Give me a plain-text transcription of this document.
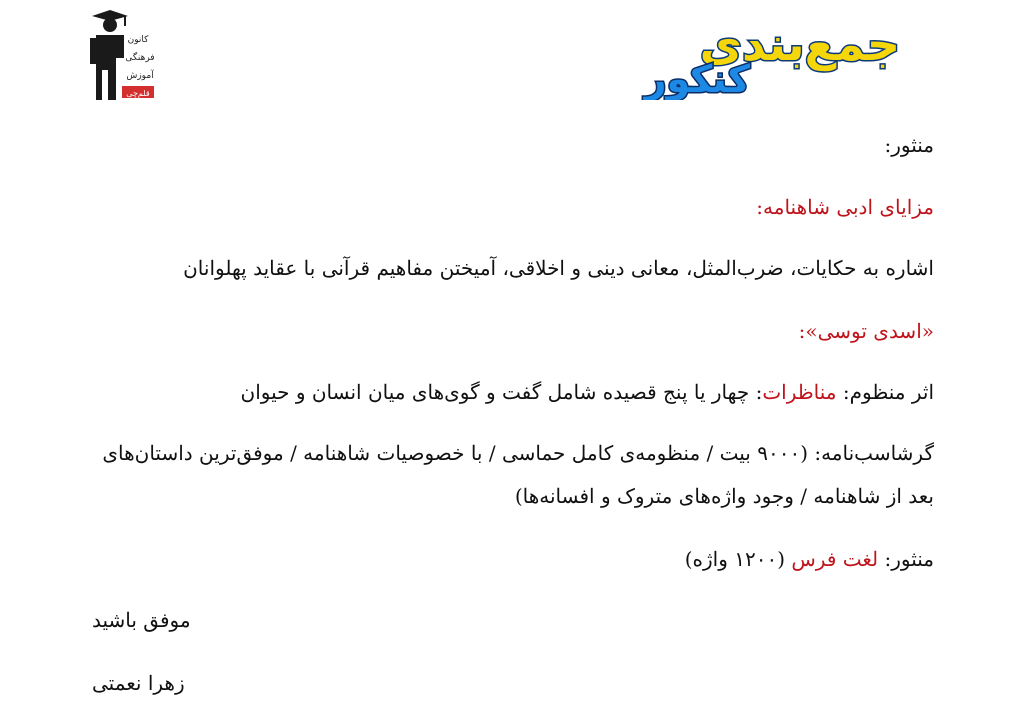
کانون
فرهنگی
آموزش
قلم‌چی
جمع‌بندی
کنکور
منثور:
مزایای ادبی شاهنامه:
اشاره به حکایات، ضرب‌المثل، معانی دینی و اخلاقی، آمیختن مفاهیم قرآنی با عقاید پهلوانان
«اسدی توسی»:
اثر منظوم: مناظرات: چهار یا پنج قصیده شامل گفت و گوی‌های میان انسان و حیوان
گرشاسب‌نامه: (۹۰۰۰ بیت / منظومه‌ی کامل حماسی / با خصوصیات شاهنامه / موفق‌ترین داستان‌های
بعد از شاهنامه / وجود واژه‌های متروک و افسانه‌ها)
منثور: لغت فرس (۱۲۰۰ واژه)
موفق باشید
زهرا نعمتی
